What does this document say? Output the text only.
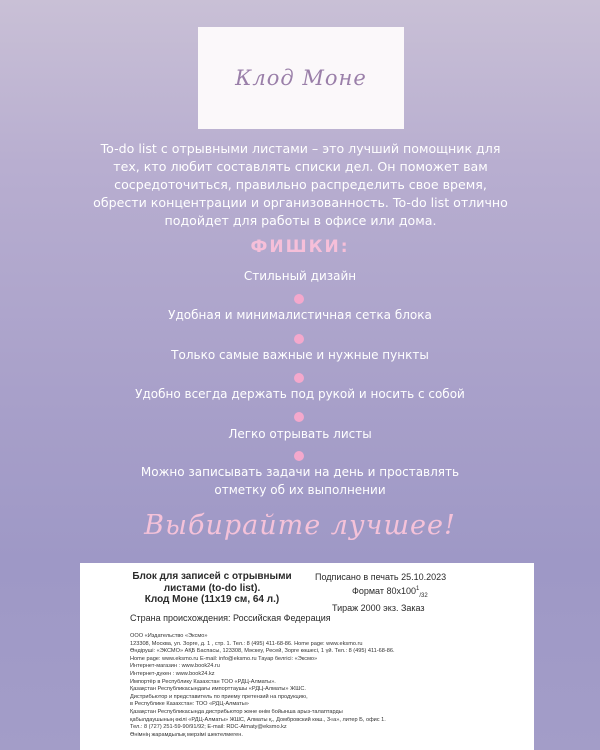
Клод Моне
To-do list с отрывными листами – это лучший помощник для
тех, кто любит составлять списки дел. Он поможет вам
сосредоточиться, правильно распределить свое время,
обрести концентрации и организованность. To-do list отлично
подойдет для работы в офисе или дома.
ФИШКИ:
Стильный дизайн
Удобная и минималистичная сетка блока
Только самые важные и нужные пункты
Удобно всегда держать под рукой и носить с собой
Легко отрывать листы
Можно записывать задачи на день и проставлять
отметку об их выполнении
Выбирайте лучшее!
Блок для записей с отрывными
листами (to-do list).
Клод Моне (11х19 см, 64 л.)
Подписано в печать 25.10.2023
Формат $80х100^1_{/32}$
Тираж 2000 экз. Заказ
Страна происхождения: Российская Федерация
ООО «Издательство «Эксмо»
123308, Москва, ул. Зорге, д. 1 , стр. 1. Тел.: 8 (495) 411-68-86. Home page: www.eksmo.ru
Өндіруші: «ЭКСМО» АҚБ Баспасы, 123308, Мәскеу, Ресей, Зорге көшесі, 1 үй. Тел.: 8 (495) 411-68-86.
Home page: www.eksmo.ru E-mail: info@eksmo.ru Тауар белгісі: «Эксмо»
Интернет-магазин : www.book24.ru
Интернет-дүкен : www.book24.kz
Импортёр в Республику Казахстан ТОО «РДЦ-Алматы».
Қазақстан Республикасындағы импорттаушы «РДЦ-Алматы» ЖШС.
Дистрибьютор и представитель по приему претензий на продукцию,
в Республике Казахстан: ТОО «РДЦ-Алматы»
Қазақстан Республикасында дистрибьютор және өнім бойынша арыз-талаптарды
қабылдаушының өкілі «РДЦ-Алматы» ЖШС, Алматы қ., Домбровский көш., 3«а», литер Б, офис 1.
Тел.: 8 (727) 251-59-90/91/92; E-mail: RDC-Almaty@eksmo.kz
Өнімнің жарамдылық мерзімі шектелмеген.
